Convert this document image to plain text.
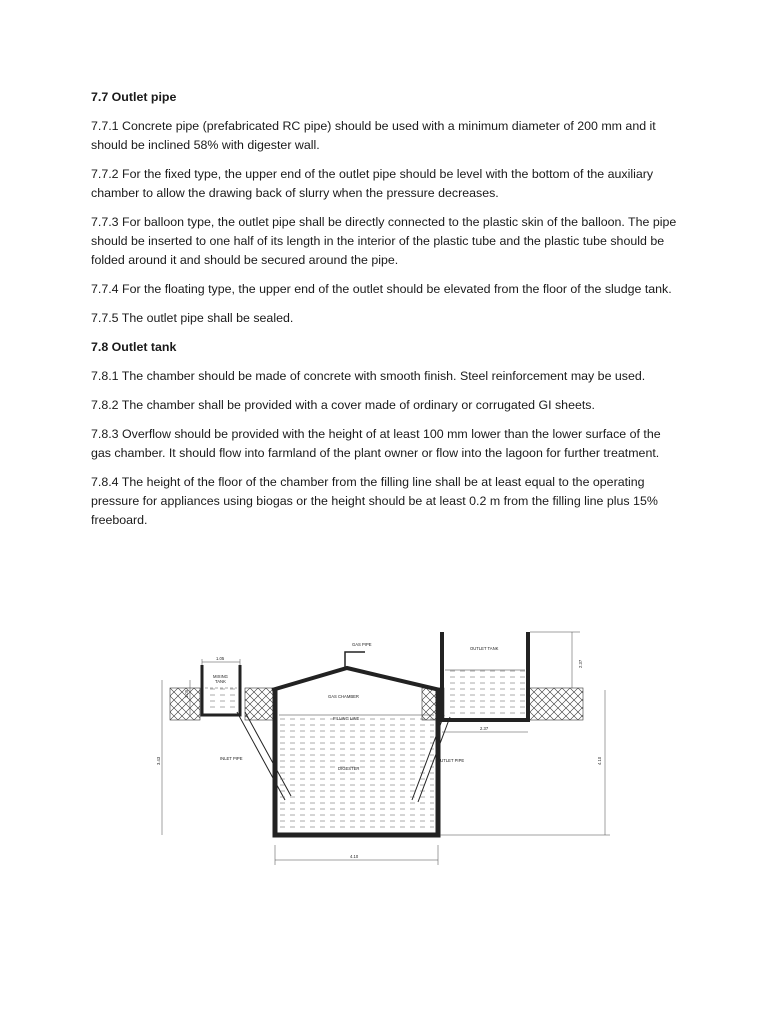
7.7 Outlet pipe

7.7.1 Concrete pipe (prefabricated RC pipe) should be used with a minimum diameter of 200 mm and it should be inclined 58% with digester wall.

7.7.2 For the fixed type, the upper end of the outlet pipe should be level with the bottom of the auxiliary chamber to allow the drawing back of slurry when the pressure decreases.

7.7.3 For balloon type, the outlet pipe shall be directly connected to the plastic skin of the balloon. The pipe should be inserted to one half of its length in the interior of the plastic tube and the plastic tube should be folded around it and should be secured around the pipe.

7.7.4 For the floating type, the upper end of the outlet should be elevated from the floor of the sludge tank.

7.7.5 The outlet pipe shall be sealed.

7.8 Outlet tank

7.8.1 The chamber should be made of concrete with smooth finish. Steel reinforcement may be used.

7.8.2 The chamber shall be provided with a cover made of ordinary or corrugated GI sheets.

7.8.3 Overflow should be provided with the height of at least 100 mm lower than the lower surface of the gas chamber. It should flow into farmland of the plant owner or flow into the lagoon for further treatment.

7.8.4 The height of the floor of the chamber from the filling line shall be at least equal to the operating pressure for appliances using biogas or the height should be at least 0.2 m from the filling line plus 15% freeboard.

MIXING
TANK
1.05
1.05
INLET PIPE
GAS CHAMBER
FILLING LINE
DIGESTER
GAS PIPE
OUTLET PIPE
OUTLET TANK
2.37
2.37
3.43	4.10
4.10
